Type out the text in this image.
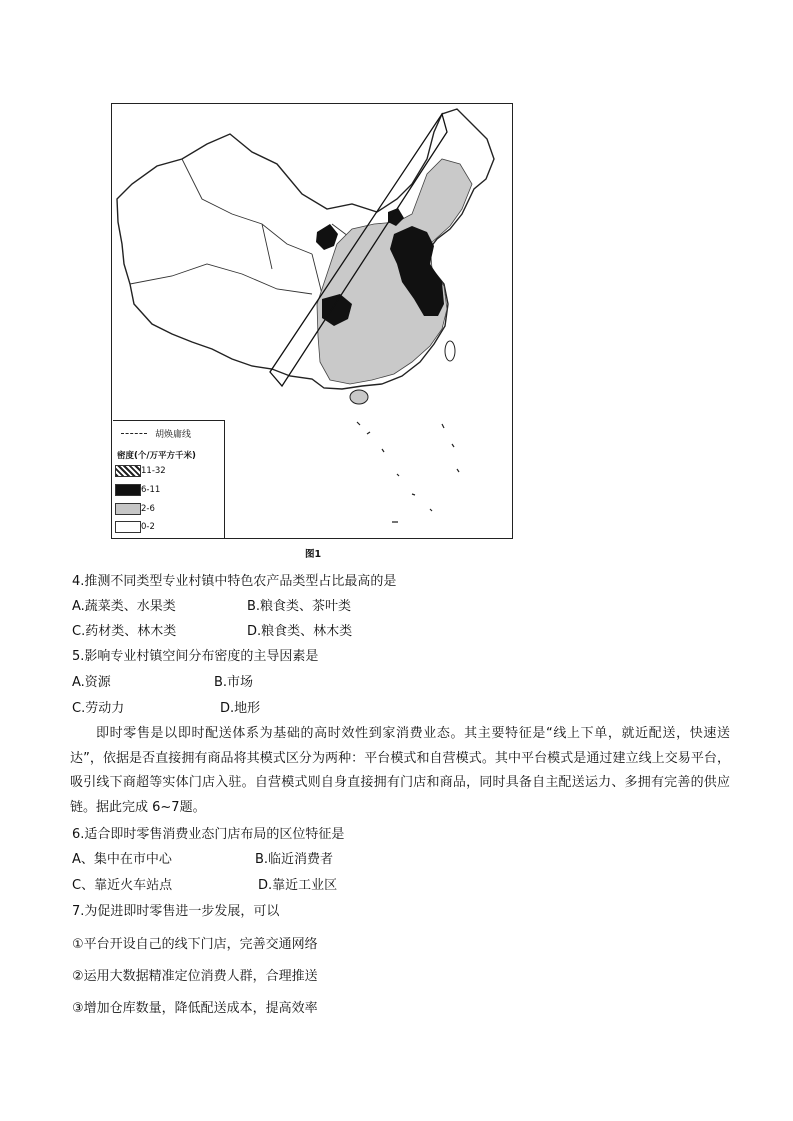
胡焕庸线
密度(个/万平方千米)
11-32
6-11
2-6
0-2
图1
4.推测不同类型专业村镇中特色农产品类型占比最高的是
A.蔬菜类、水果类	B.粮食类、茶叶类
C.药材类、林木类	D.粮食类、林木类
5.影响专业村镇空间分布密度的主导因素是
A.资源	B.市场
C.劳动力	D.地形
即时零售是以即时配送体系为基础的高时效性到家消费业态。其主要特征是“线上下单，就近配送，快速送达”，依据是否直接拥有商品将其模式区分为两种：平台模式和自营模式。其中平台模式是通过建立线上交易平台，吸引线下商超等实体门店入驻。自营模式则自身直接拥有门店和商品，同时具备自主配送运力、多拥有完善的供应链。据此完成 6~7题。
6.适合即时零售消费业态门店布局的区位特征是
A、集中在市中心	B.临近消费者
C、靠近火车站点	D.靠近工业区
7.为促进即时零售进一步发展，可以
①平台开设自己的线下门店，完善交通网络
②运用大数据精准定位消费人群，合理推送
③增加仓库数量，降低配送成本，提高效率
